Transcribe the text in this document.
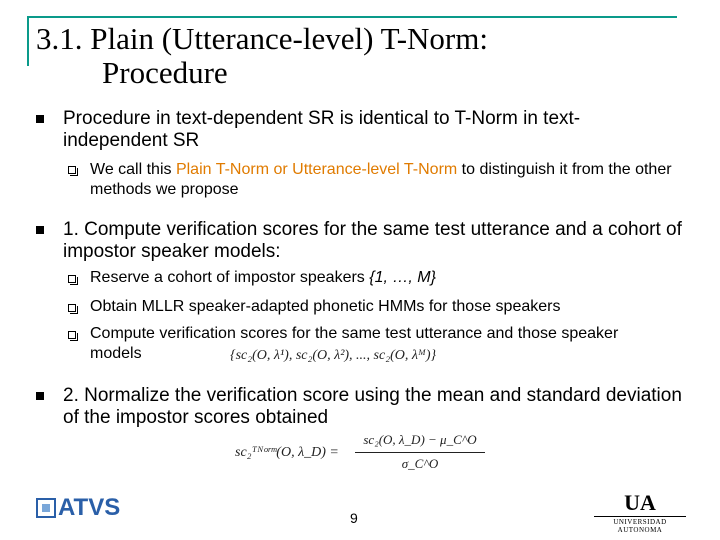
3.1. Plain (Utterance-level) T-Norm:
Procedure
Procedure in text-dependent SR is identical to T-Norm in text-independent SR
We call this Plain T-Norm or Utterance-level T-Norm to distinguish it from the other methods we propose
1. Compute verification scores for the same test utterance and a cohort of impostor speaker models:
Reserve a cohort of impostor speakers {1, …, M}
Obtain MLLR speaker-adapted phonetic HMMs for those speakers
Compute verification scores for the same test utterance and those speaker models	{sc₂(O, λ¹), sc₂(O, λ²), ..., sc₂(O, λᴹ)}
2. Normalize the verification score using the mean and standard deviation of the impostor scores obtained
sc₂ᵀᴺᵒʳᵐ(O, λ_D) =
sc₂(O, λ_D) − μ_C^O
σ_C^O
ATVS	9
UA
UNIVERSIDAD AUTONOMA
